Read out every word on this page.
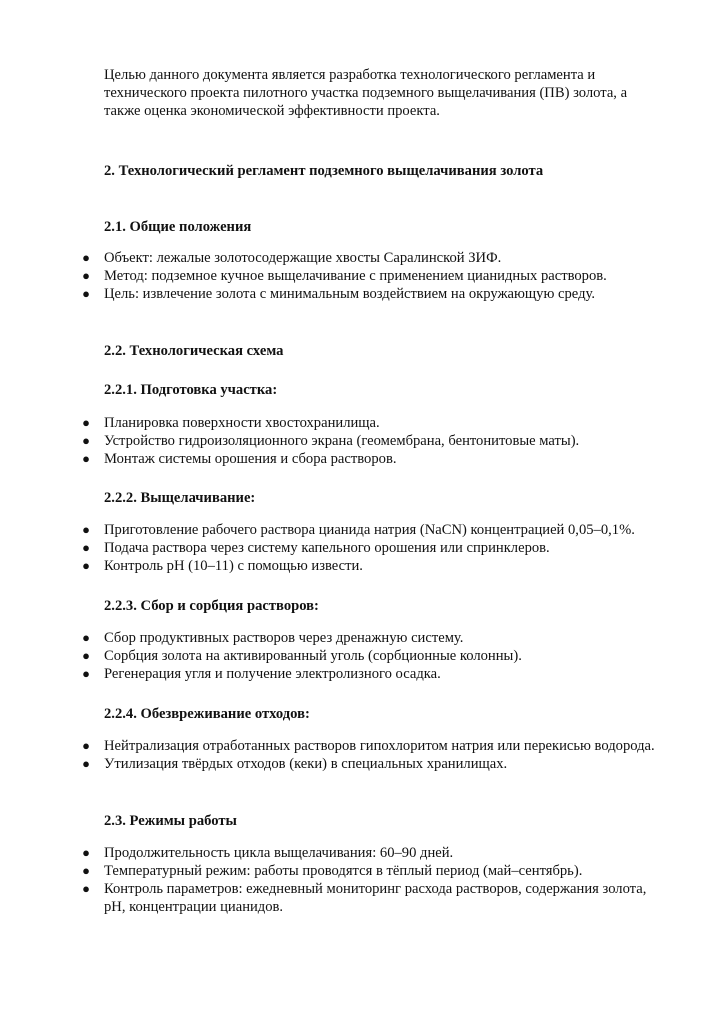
Целью данного документа является разработка технологического регламента и технического проекта пилотного участка подземного выщелачивания (ПВ) золота, а также оценка экономической эффективности проекта.

2. Технологический регламент подземного выщелачивания золота

2.1. Общие положения

● Объект: лежалые золотосодержащие хвосты Саралинской ЗИФ.
● Метод: подземное кучное выщелачивание с применением цианидных растворов.
● Цель: извлечение золота с минимальным воздействием на окружающую среду.

2.2. Технологическая схема

2.2.1. Подготовка участка:

● Планировка поверхности хвостохранилища.
● Устройство гидроизоляционного экрана (геомембрана, бентонитовые маты).
● Монтаж системы орошения и сбора растворов.

2.2.2. Выщелачивание:

● Приготовление рабочего раствора цианида натрия (NaCN) концентрацией 0,05–0,1%.
● Подача раствора через систему капельного орошения или спринклеров.
● Контроль pH (10–11) с помощью извести.

2.2.3. Сбор и сорбция растворов:

● Сбор продуктивных растворов через дренажную систему.
● Сорбция золота на активированный уголь (сорбционные колонны).
● Регенерация угля и получение электролизного осадка.

2.2.4. Обезвреживание отходов:

● Нейтрализация отработанных растворов гипохлоритом натрия или перекисью водорода.
● Утилизация твёрдых отходов (кеки) в специальных хранилищах.

2.3. Режимы работы

● Продолжительность цикла выщелачивания: 60–90 дней.
● Температурный режим: работы проводятся в тёплый период (май–сентябрь).
● Контроль параметров: ежедневный мониторинг расхода растворов, содержания золота, pH, концентрации цианидов.
